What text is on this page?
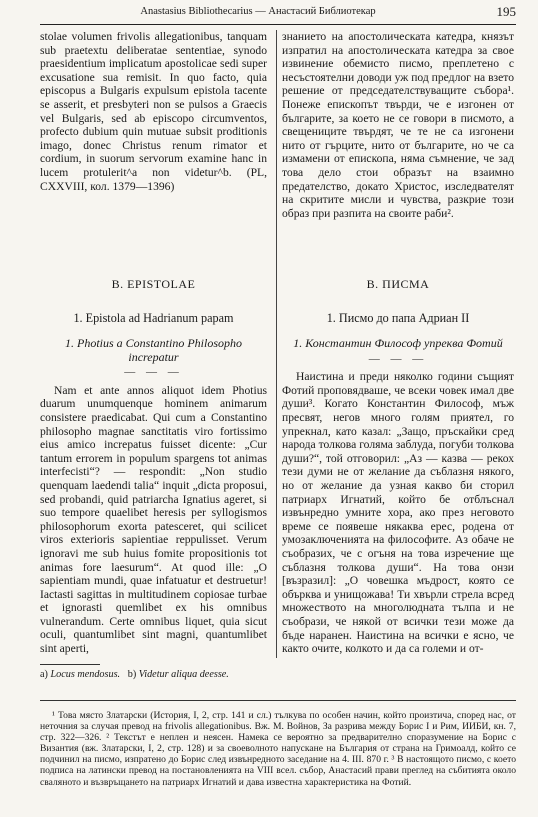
Anastasius Bibliothecarius — Анастасий Библиотекар	195

stolae volumen frivolis allegationibus, tanquam sub praetextu deliberatae sententiae, synodo praesidentium implicatum apostolicae sedi super excusatione sua remisit. In quo facto, quia episcopus a Bulgaris expulsum epistola tacente se asserit, et presbyteri non se pulsos a Graecis vel Bulgaris, sed ab episcopo circumventos, profecto dubium quin mutuae subsit proditionis imago, donec Christus renum rimator et cordium, in suorum servorum examine hanc in lucem protulerit^a non videtur^b. (PL, CXXVIII, кол. 1379—1396)

знанието на апостолическата катедра, князът изпратил на апостолическата катедра за свое извинение обемисто писмо, преплетено с несъстоятелни доводи уж под предлог на взето решение от председателствуващите събора¹. Понеже епископът твърди, че е изгонен от българите, за което не се говори в писмото, а свещениците твърдят, че те не са изгонени нито от гърците, нито от българите, но че са измамени от епископа, няма съмнение, че зад това дело стои образът на взаимно предателство, докато Христос, изследвателят на скритите мисли и чувства, разкрие този образ при разпита на своите раби².

B. EPISTOLAE

1. Epistola ad Hadrianum papam

1. Photius a Constantino Philosopho increpatur

— — —

Nam et ante annos aliquot idem Photius duarum unumquenque hominem animarum consistere praedicabat. Qui cum a Constantino philosopho magnae sanctitatis viro fortissimo eius amico increpatus fuisset dicente: „Cur tantum errorem in populum spargens tot animas interfecisti“? — respondit: „Non studio quenquam laedendi talia“ inquit „dicta proposui, sed probandi, quid patriarcha Ignatius ageret, si suo tempore quaelibet heresis per syllogismos philosophorum exorta patesceret, qui scilicet viros exterioris sapientiae reppulisset. Verum ignoravi me sub huius fomite propositionis tot animas fore laesurum“. At quod ille: „O sapientiam mundi, quae infatuatur et destruetur! Iactasti sagittas in multitudinem copiosae turbae et ignorasti quemlibet ex his omnibus vulnerandum. Certe omnibus liquet, quia sicut oculi, quantumlibet sint magni, quantumlibet sint aperti,

B. ПИСМА

1. Писмо до папа Адриан II

1. Константин Философ упреква Фотий

— — —

Наистина и преди няколко години същият Фотий проповядваше, че всеки човек имал две души³. Когато Константин Философ, мъж пресвят, негов много голям приятел, го упрекнал, като казал: „Защо, пръскайки сред народа толкова голяма заблуда, погуби толкова души?“, той отговорил: „Аз — казва — рекох тези думи не от желание да съблазня някого, но от желание да узная какво би сторил патриарх Игнатий, който бе отблъснал извънредно умните хора, ако през неговото време се появеше някаква ерес, родена от умозаключенията на философите. Аз обаче не съобразих, че с огъня на това изречение ще съблазня толкова души“. На това онзи [възразил]: „О човешка мъдрост, която се обърква и унищожава! Ти хвърли стрела всред множеството на многолюдната тълпа и не съобрази, че някой от всички тези може да бъде наранен. Наистина на всички е ясно, че както очите, колкото и да са големи и от-

a) Locus mendosus. b) Videtur aliqua deesse.

¹ Това място Златарски (История, I, 2, стр. 141 и сл.) тълкува по особен начин, който произтича, според нас, от неточния за случая превод на frivolis allegationibus. Вж. М. Войнов, За разрива между Борис I и Рим, ИИБИ, кн. 7, стр. 322—326. ² Текстът е неплен и неясен. Намека се вероятно за предварително споразумение на Борис с Византия (вж. Златарски, I, 2, стр. 128) и за своеволното напускане на България от страна на Гримоалд, който се подчинил на писмо, изпратено до Борис след извънредното заседание на 4. III. 870 г. ³ В настоящото писмо, с което подписа на латински превод на постановленията на VIII всел. събор, Анастасий прави преглед на събитията около сваляното и възвръщането на патриарх Игнатий и дава известна характеристика на Фотий.
